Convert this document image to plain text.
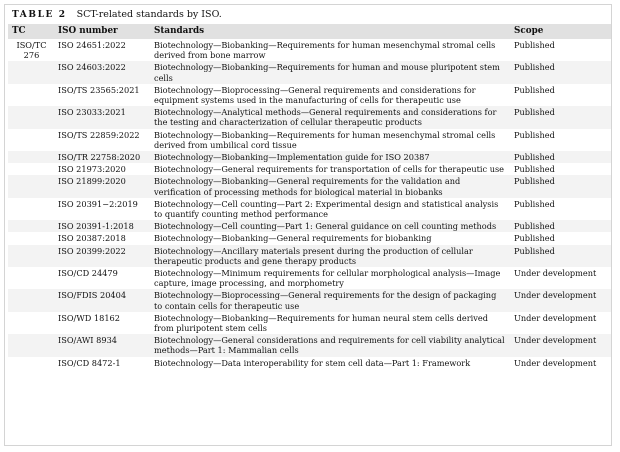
TABLE 2 SCT-related standards by ISO.
TC	ISO number	Standards	Scope

ISO/TC 276	ISO 24651:2022	Biotechnology—Biobanking—Requirements for human mesenchymal stromal cells derived from bone marrow	Published
	ISO 24603:2022	Biotechnology—Biobanking—Requirements for human and mouse pluripotent stem cells	Published
	ISO/TS 23565:2021	Biotechnology—Bioprocessing—General requirements and considerations for equipment systems used in the manufacturing of cells for therapeutic use	Published
	ISO 23033:2021	Biotechnology—Analytical methods—General requirements and considerations for the testing and characterization of cellular therapeutic products	Published
	ISO/TS 22859:2022	Biotechnology—Biobanking—Requirements for human mesenchymal stromal cells derived from umbilical cord tissue	Published
	ISO/TR 22758:2020	Biotechnology—Biobanking—Implementation guide for ISO 20387	Published
	ISO 21973:2020	Biotechnology—General requirements for transportation of cells for therapeutic use	Published
	ISO 21899:2020	Biotechnology—Biobanking—General requirements for the validation and verification of processing methods for biological material in biobanks	Published
	ISO 20391−2:2019	Biotechnology—Cell counting—Part 2: Experimental design and statistical analysis to quantify counting method performance	Published
	ISO 20391-1:2018	Biotechnology—Cell counting—Part 1: General guidance on cell counting methods	Published
	ISO 20387:2018	Biotechnology—Biobanking—General requirements for biobanking	Published
	ISO 20399:2022	Biotechnology—Ancillary materials present during the production of cellular therapeutic products and gene therapy products	Published
	ISO/CD 24479	Biotechnology—Minimum requirements for cellular morphological analysis—Image capture, image processing, and morphometry	Under development
	ISO/FDIS 20404	Biotechnology—Bioprocessing—General requirements for the design of packaging to contain cells for therapeutic use	Under development
	ISO/WD 18162	Biotechnology—Biobanking—Requirements for human neural stem cells derived from pluripotent stem cells	Under development
	ISO/AWI 8934	Biotechnology—General considerations and requirements for cell viability analytical methods—Part 1: Mammalian cells	Under development
	ISO/CD 8472-1	Biotechnology—Data interoperability for stem cell data—Part 1: Framework	Under development
